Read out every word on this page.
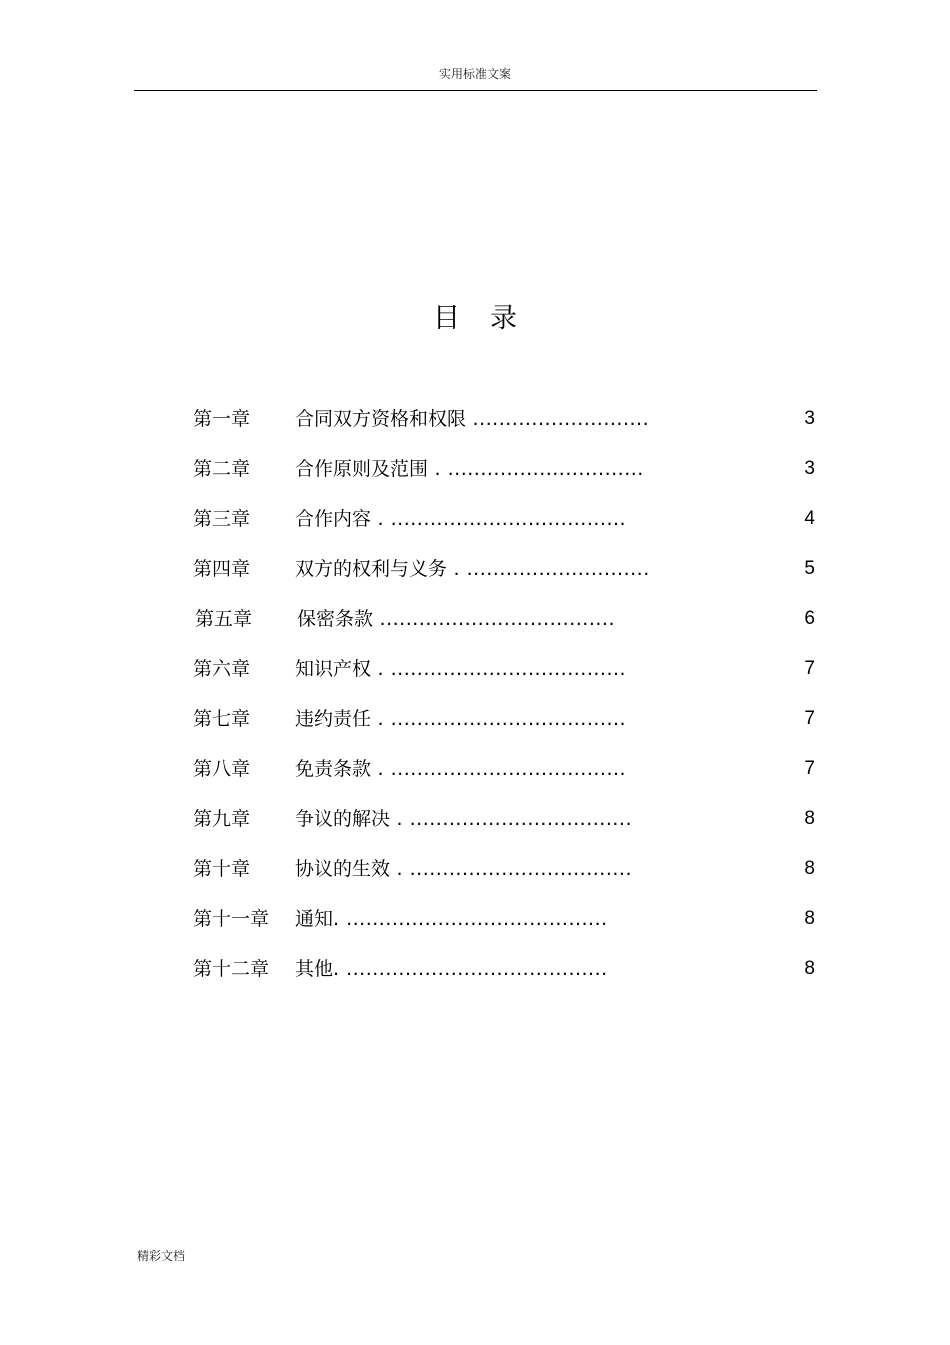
实用标准文案
目录
第一章 合同双方资格和权限 ...........................	3
第二章 合作原则及范围 . ..............................	3
第三章 合作内容 . ....................................	4
第四章 双方的权利与义务 . ............................	5
第五章 保密条款 ....................................	6
第六章 知识产权 . ....................................	7
第七章 违约责任 . ....................................	7
第八章 免责条款 . ....................................	7
第九章 争议的解决 . ..................................	8
第十章 协议的生效 . ..................................	8
第十一章 通知. ........................................	8
第十二章 其他. ........................................	8
精彩文档
